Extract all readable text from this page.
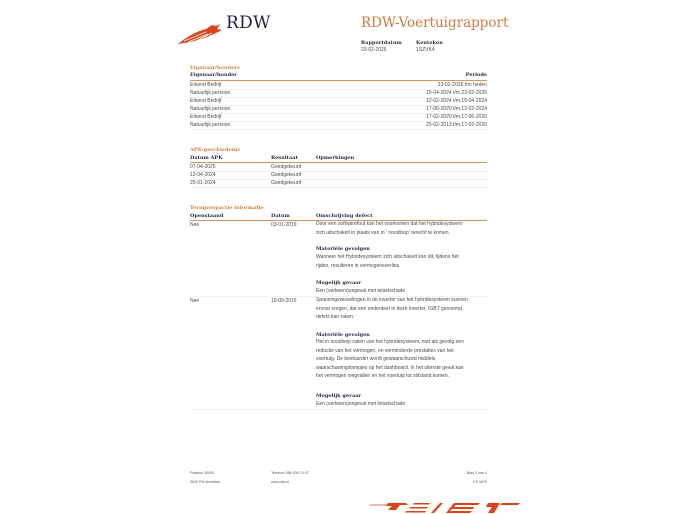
RDW	RDW-Voertuigrapport
Rapportdatum
23-02-2026
Kenteken
1SZVK4
Eigenaar/houders
Eigenaar/houder	Periode
Erkend Bedrijf	23-02-2026 t/m heden
Natuurlijk persoon	15-04-2024 t/m 23-02-2026
Erkend Bedrijf	12-02-2024 t/m 15-04-2024
Natuurlijk persoon	17-06-2020 t/m 12-02-2024
Erkend Bedrijf	17-02-2020 t/m 17-06-2020
Natuurlijk persoon	25-02-2013 t/m 17-02-2020
APK-geschiedenis
Datum APK	Resultaat	Opmerkingen
07-04-2025	Goedgekeurd
12-04-2024	Goedgekeurd
25-01-2024	Goedgekeurd
Terugroepactie informatie
Openstaand	Datum	Omschrijving defect
Nee	03-01-2019	Door een softwarefout kan het voorkomen dat het hybridesysteem
zich uitschakelt in plaats van in ' noodloop' terecht te komen.
Materiële gevolgen
Wanneer het Hybridesysteem zich uitschakelt kan dit, tijdens het
rijden, resulteren in vermogensverlies.
Mogelijk gevaar
Een (verkeers)ongeval met letselschade
Nee	10-09-2015	Spanningswisselingen in de inverter van het hybridesysteem kunnen
ervoor zorgen, dat een onderdeel in deze inverter, IGBT genoemd,
defect kan raken.
Materiële gevolgen
Het in noodloop raken van het hybridesysteem, met als gevolg een
reductie van het vermogen, en verminderde prestaties van het
voertuig. De bestuurder wordt gewaarschuwd middels
waarschuwingslampjes op het dashboard. In het uiterste geval kan
het vermogen wegvallen en het voertuig tot stilstand komen.
Mogelijk gevaar
Een (verkeers)ongeval met letselschade
Postbus 30000
9640 RA Veendam
Telefoon 088 008 74 47
www.rdw.nl
Blad 3 van 4
3 E 1679
